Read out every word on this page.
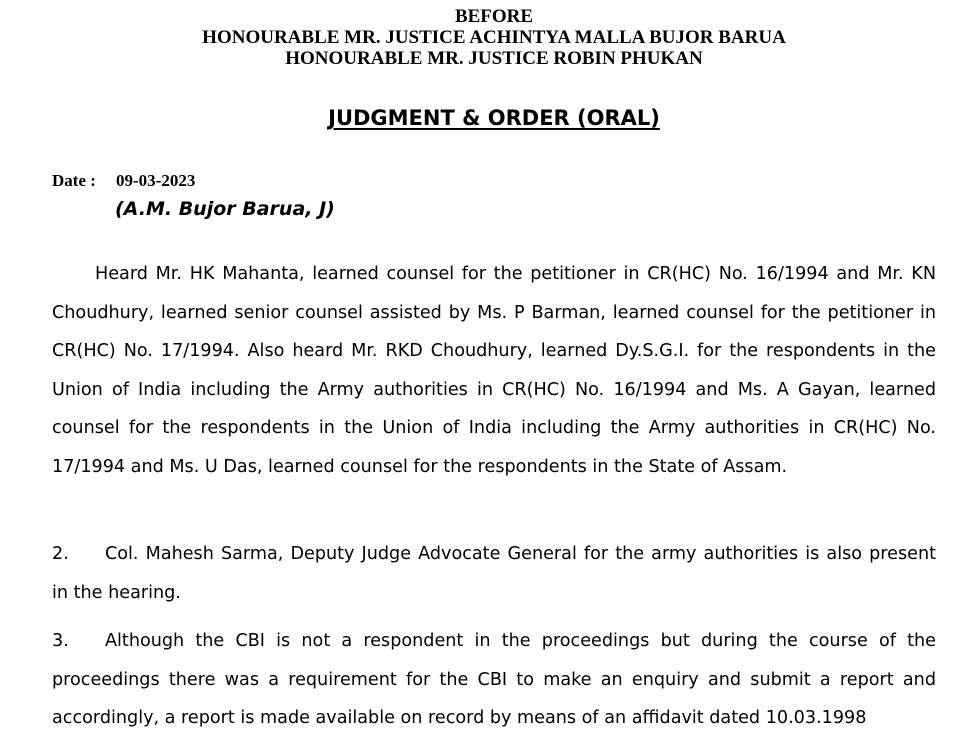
BEFORE
HONOURABLE MR. JUSTICE ACHINTYA MALLA BUJOR BARUA
HONOURABLE MR. JUSTICE ROBIN PHUKAN
JUDGMENT & ORDER (ORAL)
Date : 09-03-2023
(A.M. Bujor Barua, J)
Heard Mr. HK Mahanta, learned counsel for the petitioner in CR(HC) No. 16/1994 and Mr. KN Choudhury, learned senior counsel assisted by Ms. P Barman, learned counsel for the petitioner in CR(HC) No. 17/1994. Also heard Mr. RKD Choudhury, learned Dy.S.G.I. for the respondents in the Union of India including the Army authorities in CR(HC) No. 16/1994 and Ms. A Gayan, learned counsel for the respondents in the Union of India including the Army authorities in CR(HC) No. 17/1994 and Ms. U Das, learned counsel for the respondents in the State of Assam.
2. Col. Mahesh Sarma, Deputy Judge Advocate General for the army authorities is also present in the hearing.
3. Although the CBI is not a respondent in the proceedings but during the course of the proceedings there was a requirement for the CBI to make an enquiry and submit a report and accordingly, a report is made available on record by means of an affidavit dated 10.03.1998
